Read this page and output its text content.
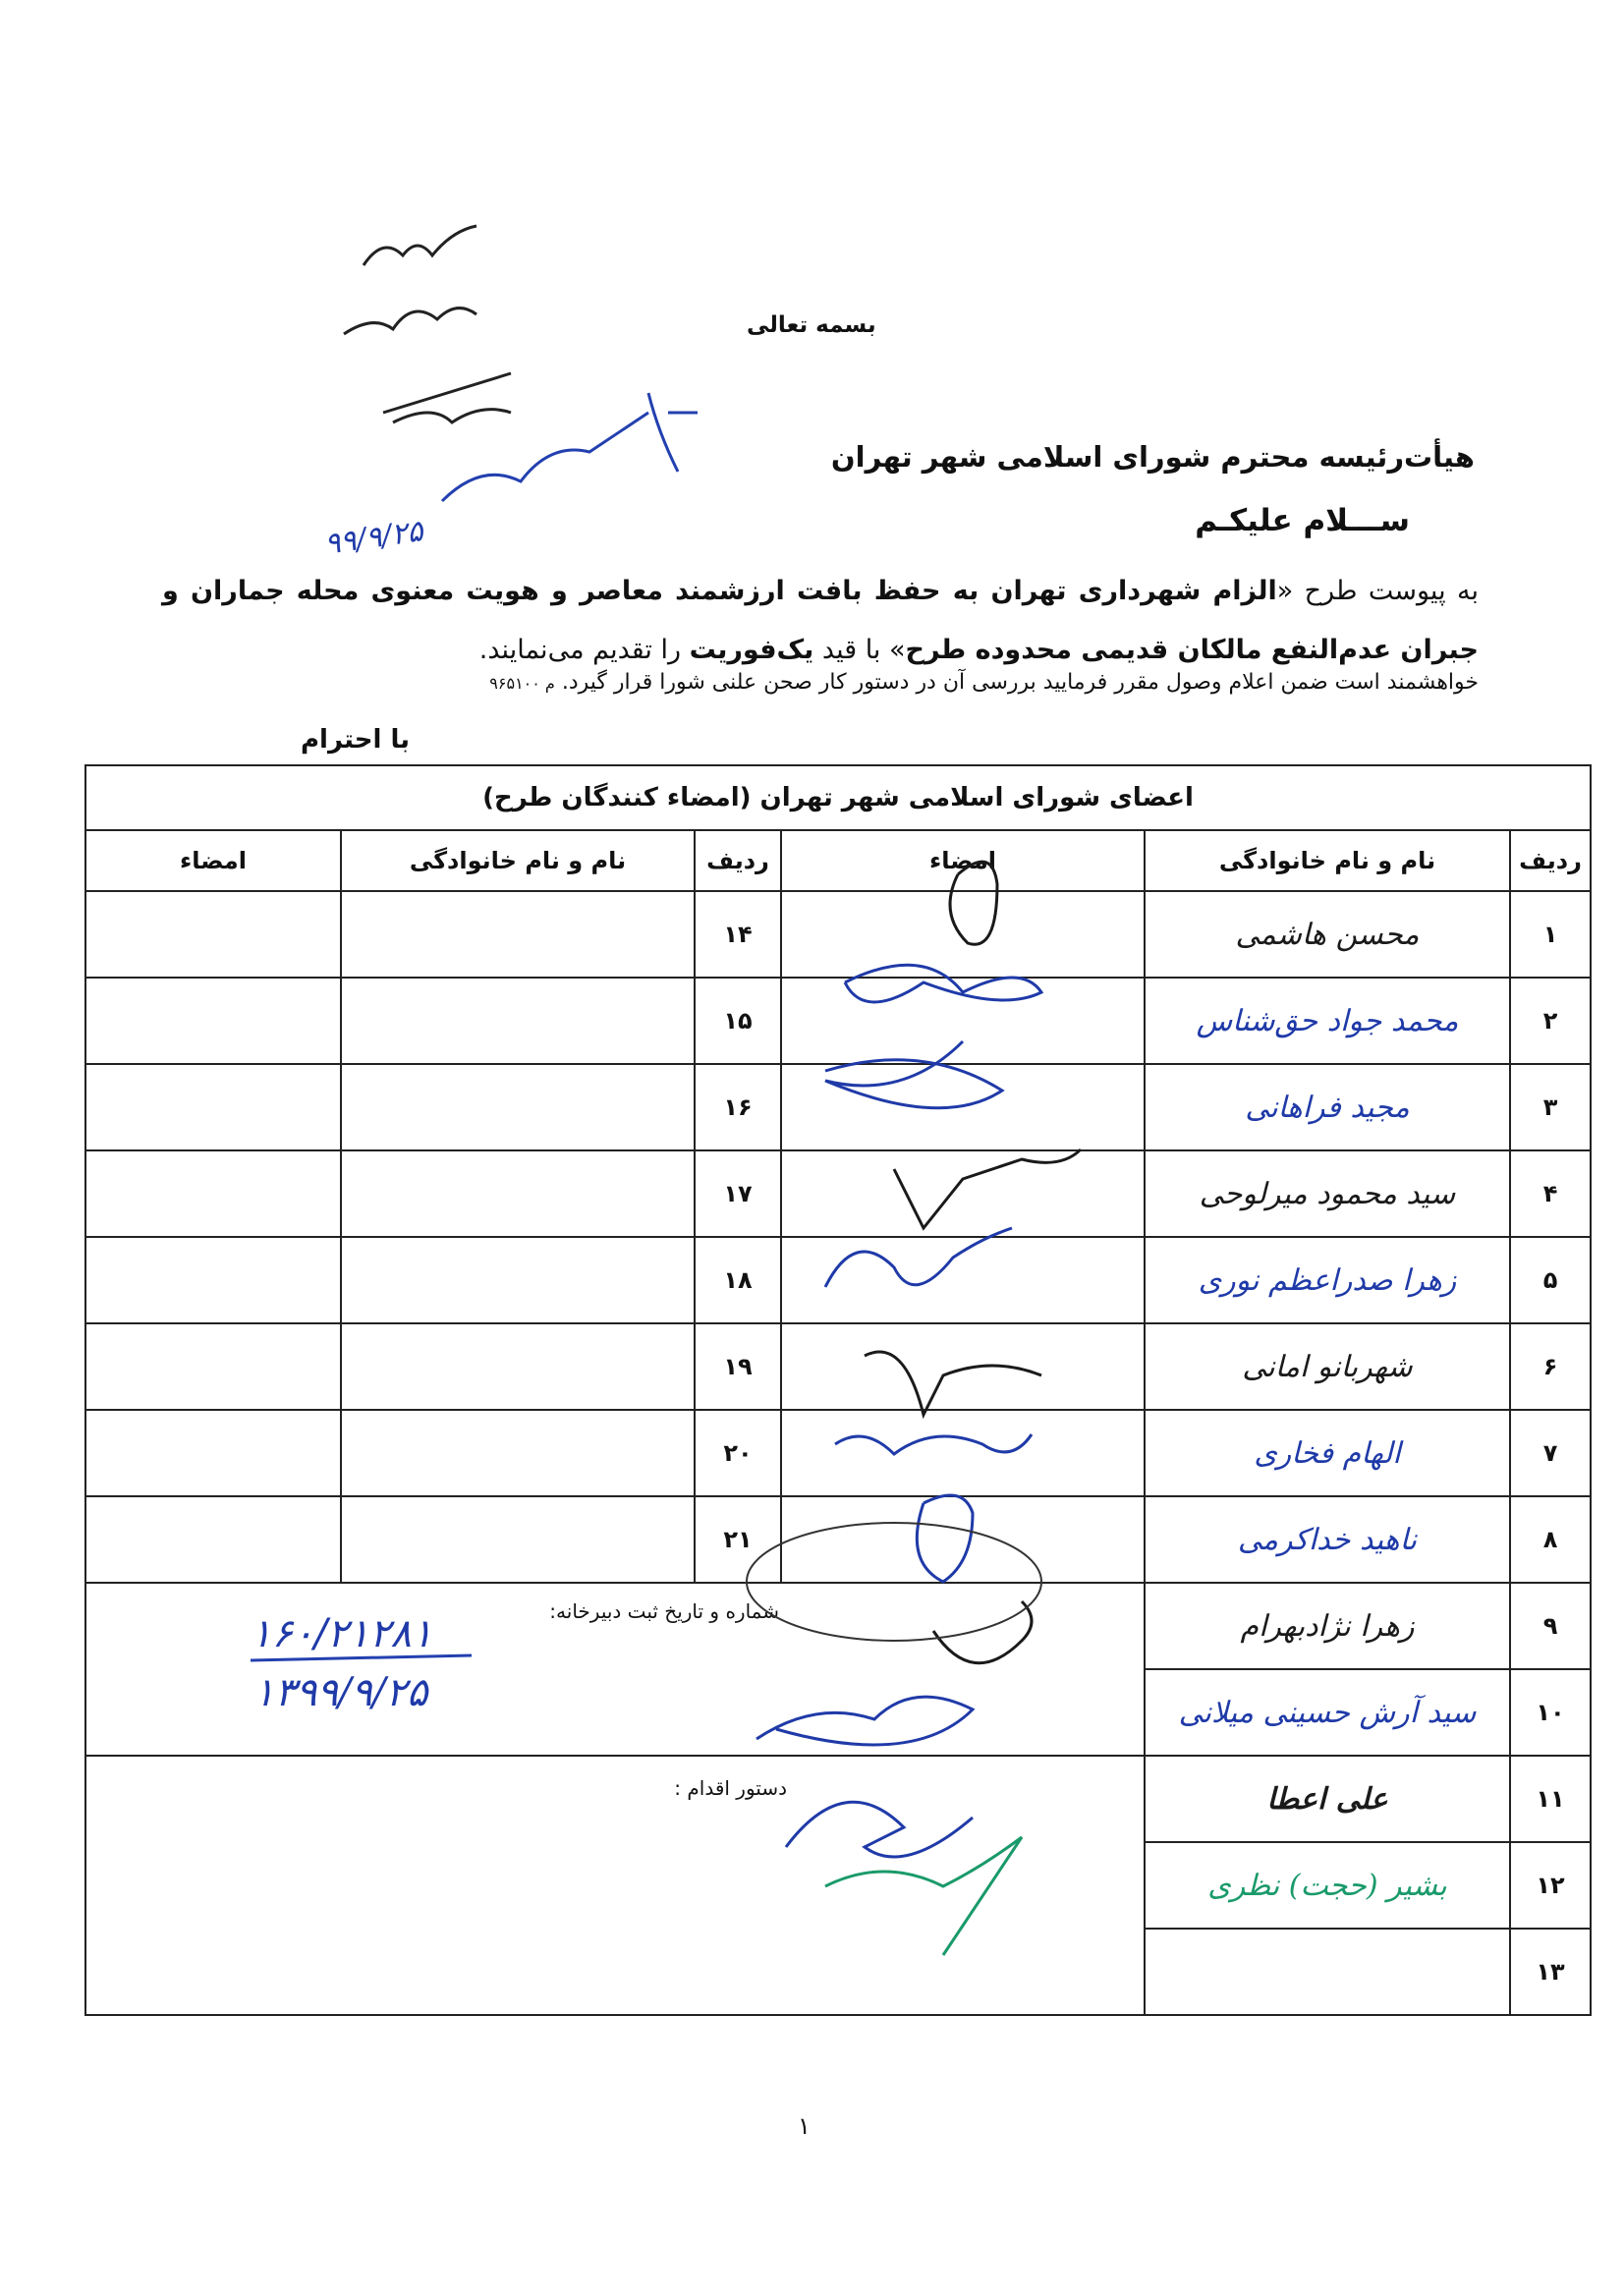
بسمه تعالی
هیأت‌رئیسه محترم شورای اسلامی شهر تهران
ســـلام علیکـم
به پیوست طرح «الزام شهرداری تهران به حفظ بافت ارزشمند معاصر و هویت معنوی محله جماران و جبران عدم‌النفع مالکان قدیمی محدوده طرح» با قید یک‌فوریت را تقدیم می‌نمایند.
خواهشمند است ضمن اعلام وصول مقرر فرمایید بررسی آن در دستور کار صحن علنی شورا قرار گیرد. م ۹۶۵۱۰۰
با احترام
۹۹/۹/۲۵
اعضای شورای اسلامی شهر تهران (امضاء کنندگان طرح)					
امضاء	نام و نام خانوادگی	ردیف	امضاء	نام و نام خانوادگی	ردیف
		۱۴		محسن هاشمی	۱
		۱۵		محمد جواد حق‌شناس	۲
		۱۶		مجید فراهانی	۳
		۱۷		سید محمود میرلوحی	۴
		۱۸		زهرا صدراعظم نوری	۵
		۱۹		شهربانو امانی	۶
		۲۰		الهام فخاری	۷
		۲۱		ناهید خداکرمی	۸
				زهرا نژادبهرام	۹
				سید آرش حسینی میلانی	۱۰
				علی اعطا	۱۱
				بشیر (حجت) نظری	۱۲
					۱۳
شماره و تاریخ ثبت دبیرخانه:
دستور اقدام :
۱۶۰/۲۱۲۸۱
۱۳۹۹/۹/۲۵
۱
